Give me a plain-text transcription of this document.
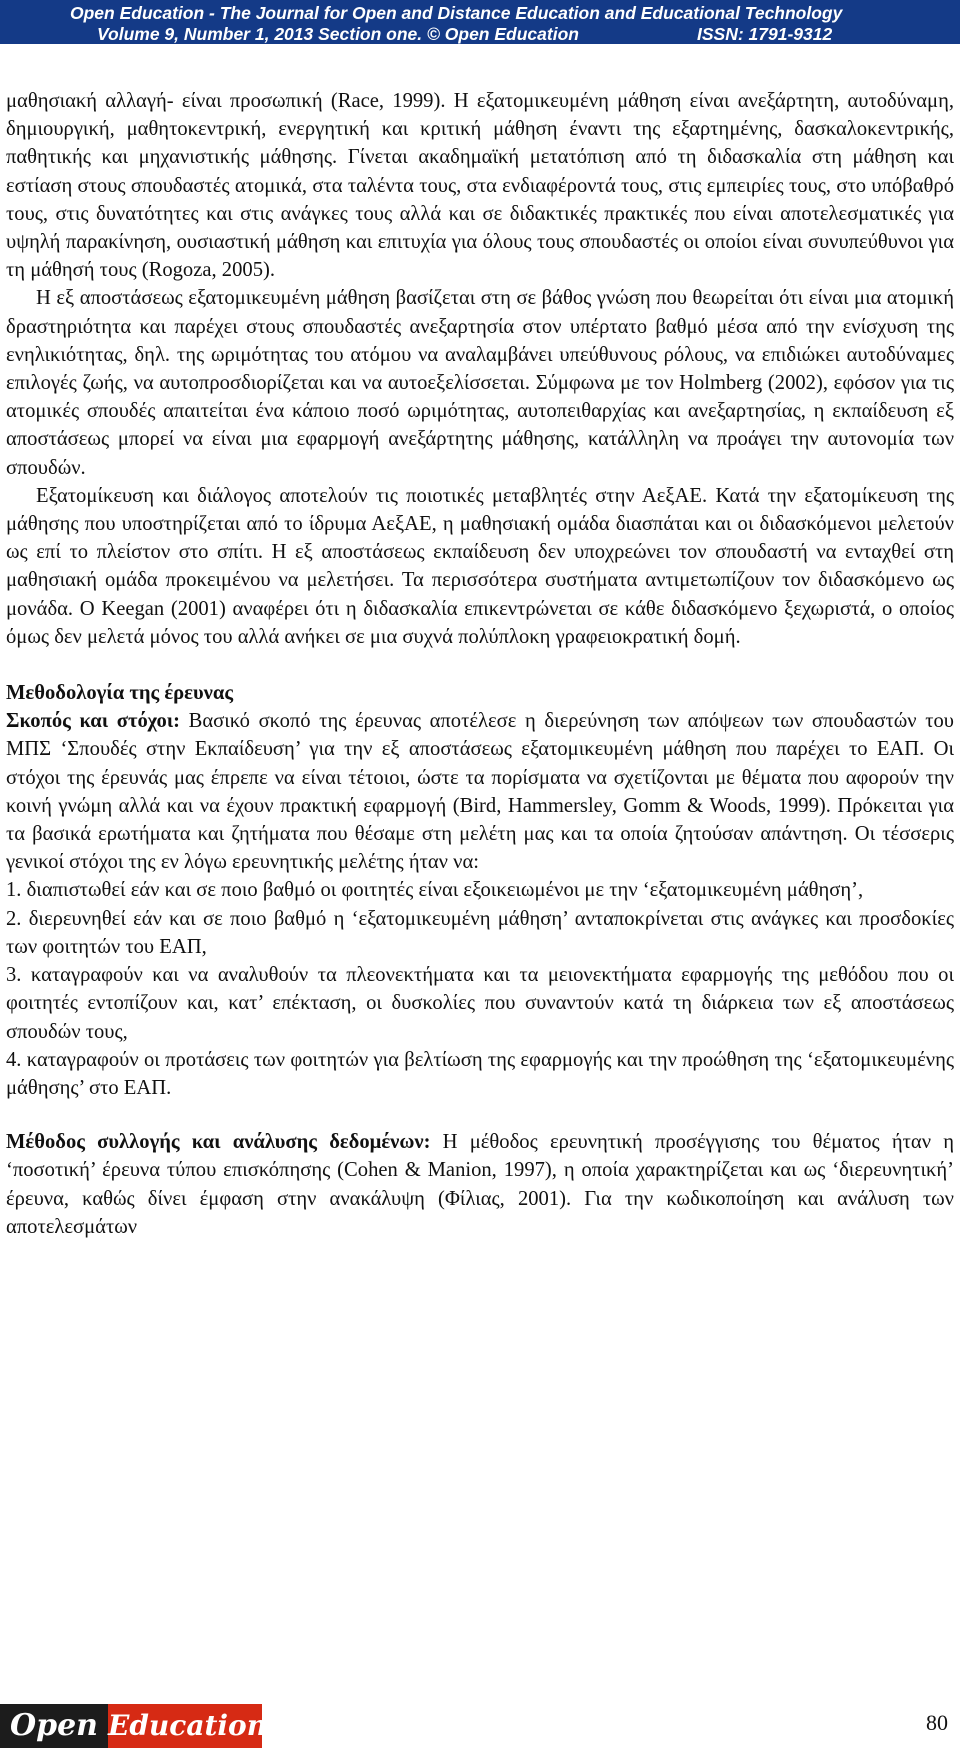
Open Education - The Journal for Open and Distance Education and Educational Technology
Volume 9, Number 1, 2013 Section one. © Open Education	ISSN: 1791-9312

μαθησιακή αλλαγή- είναι προσωπική (Race, 1999). Η εξατομικευμένη μάθηση είναι ανεξάρτητη, αυτοδύναμη, δημιουργική, μαθητοκεντρική, ενεργητική και κριτική μάθηση έναντι της εξαρτημένης, δασκαλοκεντρικής, παθητικής και μηχανιστικής μάθησης. Γίνεται ακαδημαϊκή μετατόπιση από τη διδασκαλία στη μάθηση και εστίαση στους σπουδαστές ατομικά, στα ταλέντα τους, στα ενδιαφέροντά τους, στις εμπειρίες τους, στο υπόβαθρό τους, στις δυνατότητες και στις ανάγκες τους αλλά και σε διδακτικές πρακτικές που είναι αποτελεσματικές για υψηλή παρακίνηση, ουσιαστική μάθηση και επιτυχία για όλους τους σπουδαστές οι οποίοι είναι συνυπεύθυνοι για τη μάθησή τους (Rogoza, 2005).

Η εξ αποστάσεως εξατομικευμένη μάθηση βασίζεται στη σε βάθος γνώση που θεωρείται ότι είναι μια ατομική δραστηριότητα και παρέχει στους σπουδαστές ανεξαρτησία στον υπέρτατο βαθμό μέσα από την ενίσχυση της ενηλικιότητας, δηλ. της ωριμότητας του ατόμου να αναλαμβάνει υπεύθυνους ρόλους, να επιδιώκει αυτοδύναμες επιλογές ζωής, να αυτοπροσδιορίζεται και να αυτοεξελίσσεται. Σύμφωνα με τον Holmberg (2002), εφόσον για τις ατομικές σπουδές απαιτείται ένα κάποιο ποσό ωριμότητας, αυτοπειθαρχίας και ανεξαρτησίας, η εκπαίδευση εξ αποστάσεως μπορεί να είναι μια εφαρμογή ανεξάρτητης μάθησης, κατάλληλη να προάγει την αυτονομία των σπουδών.

Εξατομίκευση και διάλογος αποτελούν τις ποιοτικές μεταβλητές στην ΑεξΑΕ. Κατά την εξατομίκευση της μάθησης που υποστηρίζεται από το ίδρυμα ΑεξΑΕ, η μαθησιακή ομάδα διασπάται και οι διδασκόμενοι μελετούν ως επί το πλείστον στο σπίτι. Η εξ αποστάσεως εκπαίδευση δεν υποχρεώνει τον σπουδαστή να ενταχθεί στη μαθησιακή ομάδα προκειμένου να μελετήσει. Τα περισσότερα συστήματα αντιμετωπίζουν τον διδασκόμενο ως μονάδα. Ο Keegan (2001) αναφέρει ότι η διδασκαλία επικεντρώνεται σε κάθε διδασκόμενο ξεχωριστά, ο οποίος όμως δεν μελετά μόνος του αλλά ανήκει σε μια συχνά πολύπλοκη γραφειοκρατική δομή.

Μεθοδολογία της έρευνας

Σκοπός και στόχοι: Βασικό σκοπό της έρευνας αποτέλεσε η διερεύνηση των απόψεων των σπουδαστών του ΜΠΣ ‘Σπουδές στην Εκπαίδευση’ για την εξ αποστάσεως εξατομικευμένη μάθηση που παρέχει το ΕΑΠ. Οι στόχοι της έρευνάς μας έπρεπε να είναι τέτοιοι, ώστε τα πορίσματα να σχετίζονται με θέματα που αφορούν την κοινή γνώμη αλλά και να έχουν πρακτική εφαρμογή (Bird, Hammersley, Gomm & Woods, 1999). Πρόκειται για τα βασικά ερωτήματα και ζητήματα που θέσαμε στη μελέτη μας και τα οποία ζητούσαν απάντηση. Οι τέσσερις γενικοί στόχοι της εν λόγω ερευνητικής μελέτης ήταν να:

1. διαπιστωθεί εάν και σε ποιο βαθμό οι φοιτητές είναι εξοικειωμένοι με την ‘εξατομικευμένη μάθηση’,

2. διερευνηθεί εάν και σε ποιο βαθμό η ‘εξατομικευμένη μάθηση’ ανταποκρίνεται στις ανάγκες και προσδοκίες των φοιτητών του ΕΑΠ,

3. καταγραφούν και να αναλυθούν τα πλεονεκτήματα και τα μειονεκτήματα εφαρμογής της μεθόδου που οι φοιτητές εντοπίζουν και, κατ’ επέκταση, οι δυσκολίες που συναντούν κατά τη διάρκεια των εξ αποστάσεως σπουδών τους,

4. καταγραφούν οι προτάσεις των φοιτητών για βελτίωση της εφαρμογής και την προώθηση της ‘εξατομικευμένης μάθησης’ στο ΕΑΠ.

Μέθοδος συλλογής και ανάλυσης δεδομένων: Η μέθοδος ερευνητική προσέγγισης του θέματος ήταν η ‘ποσοτική’ έρευνα τύπου επισκόπησης (Cohen & Manion, 1997), η οποία χαρακτηρίζεται και ως ‘διερευνητική’ έρευνα, καθώς δίνει έμφαση στην ανακάλυψη (Φίλιας, 2001). Για την κωδικοποίηση και ανάλυση των αποτελεσμάτων

Open Education	80
